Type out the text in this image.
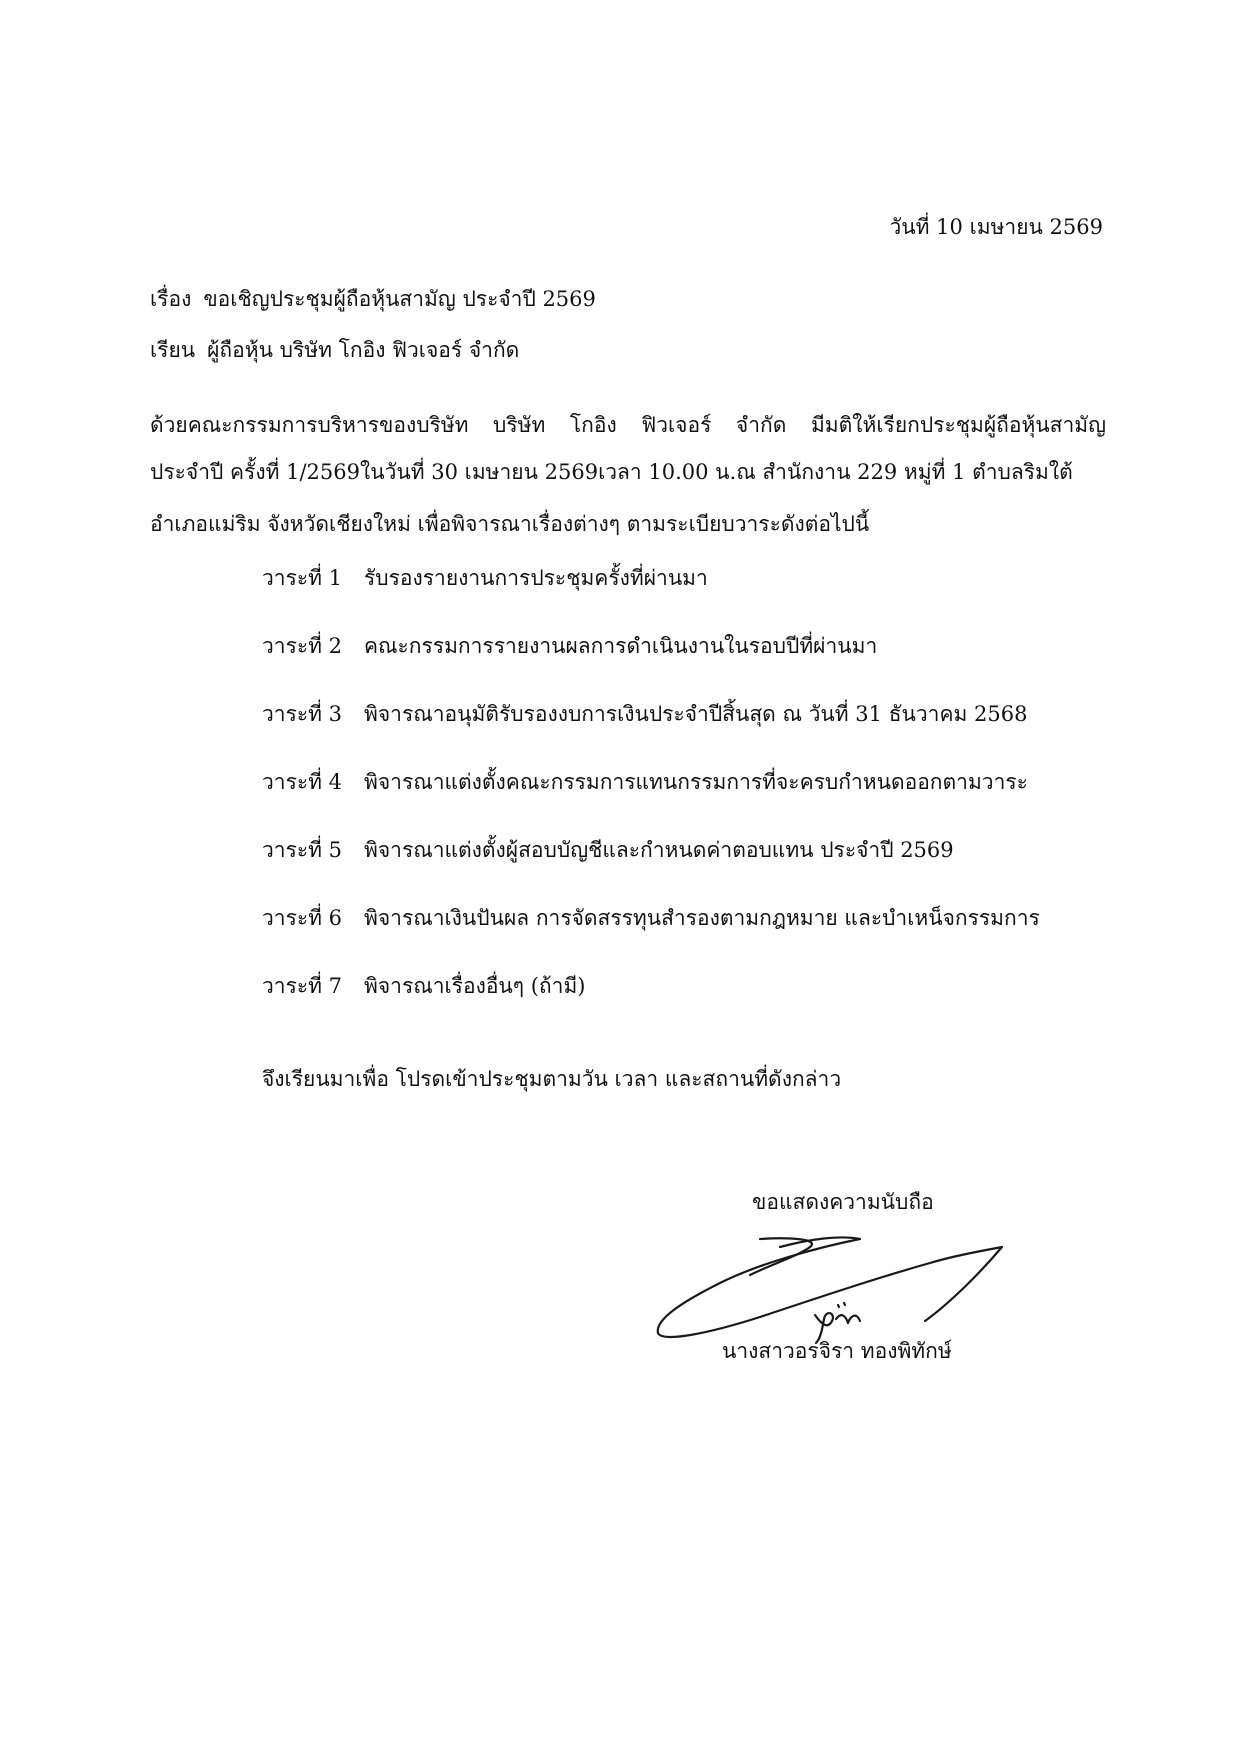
วันที่ 10 เมษายน 2569
เรื่อง ขอเชิญประชุมผู้ถือหุ้นสามัญ ประจำปี 2569
เรียน ผู้ถือหุ้น บริษัท โกอิง ฟิวเจอร์ จำกัด
ด้วยคณะกรรมการบริหารของบริษัท บริษัท โกอิง ฟิวเจอร์ จำกัด มีมติให้เรียกประชุมผู้ถือหุ้นสามัญ
ประจำปี ครั้งที่ 1/2569ในวันที่ 30 เมษายน 2569เวลา 10.00 น.ณ สำนักงาน 229 หมู่ที่ 1 ตำบลริมใต้
อำเภอแม่ริม จังหวัดเชียงใหม่ เพื่อพิจารณาเรื่องต่างๆ ตามระเบียบวาระดังต่อไปนี้
วาระที่ 1 รับรองรายงานการประชุมครั้งที่ผ่านมา
วาระที่ 2 คณะกรรมการรายงานผลการดำเนินงานในรอบปีที่ผ่านมา
วาระที่ 3 พิจารณาอนุมัติรับรองงบการเงินประจำปีสิ้นสุด ณ วันที่ 31 ธันวาคม 2568
วาระที่ 4 พิจารณาแต่งตั้งคณะกรรมการแทนกรรมการที่จะครบกำหนดออกตามวาระ
วาระที่ 5 พิจารณาแต่งตั้งผู้สอบบัญชีและกำหนดค่าตอบแทน ประจำปี 2569
วาระที่ 6 พิจารณาเงินปันผล การจัดสรรทุนสำรองตามกฎหมาย และบำเหน็จกรรมการ
วาระที่ 7 พิจารณาเรื่องอื่นๆ (ถ้ามี)
จึงเรียนมาเพื่อ โปรดเข้าประชุมตามวัน เวลา และสถานที่ดังกล่าว
ขอแสดงความนับถือ
นางสาวอรจิรา ทองพิทักษ์
